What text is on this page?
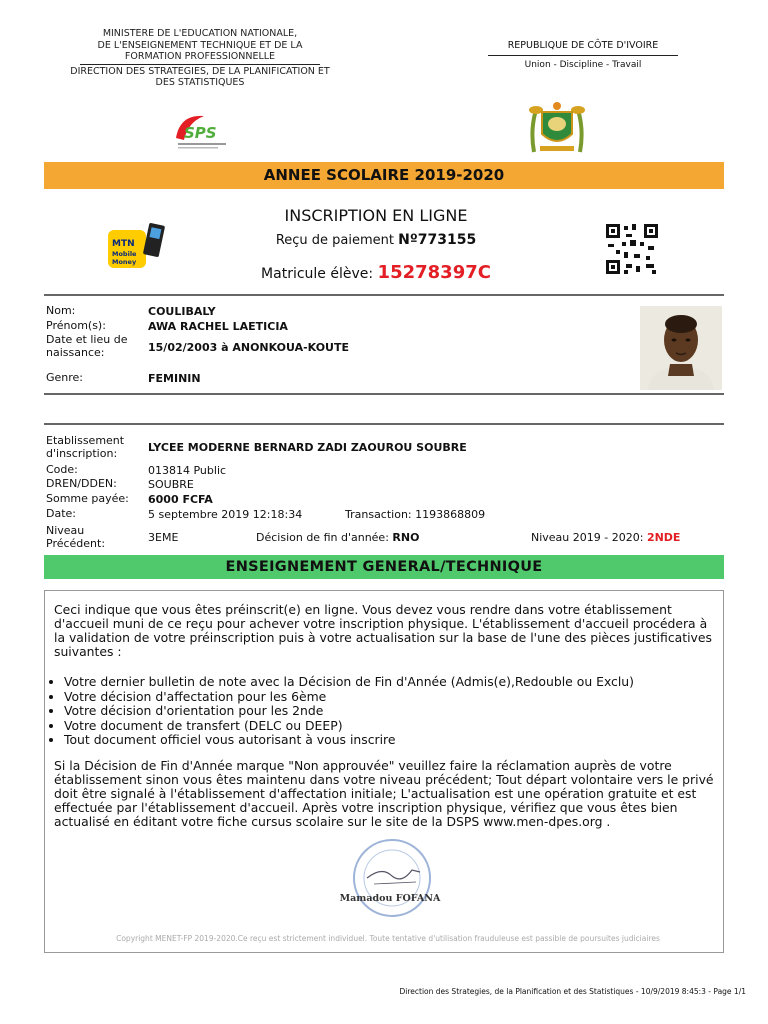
MINISTERE DE L'EDUCATION NATIONALE,
DE L'ENSEIGNEMENT TECHNIQUE ET DE LA
FORMATION PROFESSIONNELLE
DIRECTION DES STRATEGIES, DE LA PLANIFICATION ET
DES STATISTIQUES
SPS
REPUBLIQUE DE CÔTE D'IVOIRE
Union - Discipline - Travail
ANNEE SCOLAIRE 2019-2020
MTN
Mobile
Money
INSCRIPTION EN LIGNE
Reçu de paiement Nº773155
Matricule élève: 15278397C
Nom:	COULIBALY
Prénom(s):	AWA RACHEL LAETICIA
Date et lieu de
naissance:	15/02/2003 à ANONKOUA-KOUTE
Genre:	FEMININ
Etablissement
d'inscription:	LYCEE MODERNE BERNARD ZADI ZAOUROU SOUBRE
Code:	013814 Public
DREN/DDEN:	SOUBRE
Somme payée: 6000 FCFA
Date:	5 septembre 2019 12:18:34	Transaction: 1193868809
Niveau
Précédent:	3EME	Décision de fin d'année: RNO	Niveau 2019 - 2020: 2NDE
ENSEIGNEMENT GENERAL/TECHNIQUE
Ceci indique que vous êtes préinscrit(e) en ligne. Vous devez vous rendre dans votre établissement d'accueil muni de ce reçu pour achever votre inscription physique. L'établissement d'accueil procédera à la validation de votre préinscription puis à votre actualisation sur la base de l'une des pièces justificatives suivantes :
• Votre dernier bulletin de note avec la Décision de Fin d'Année (Admis(e),Redouble ou Exclu)
• Votre décision d'affectation pour les 6ème
• Votre décision d'orientation pour les 2nde
• Votre document de transfert (DELC ou DEEP)
• Tout document officiel vous autorisant à vous inscrire
Si la Décision de Fin d'Année marque "Non approuvée" veuillez faire la réclamation auprès de votre établissement sinon vous êtes maintenu dans votre niveau précédent; Tout départ volontaire vers le privé doit être signalé à l'établissement d'affectation initiale; L'actualisation est une opération gratuite et est effectuée par l'établissement d'accueil. Après votre inscription physique, vérifiez que vous êtes bien actualisé en éditant votre fiche cursus scolaire sur le site de la DSPS www.men-dpes.org .
Mamadou FOFANA
Copyright MENET-FP 2019-2020.Ce reçu est strictement individuel. Toute tentative d'utilisation frauduleuse est passible de poursuites judiciaires
Direction des Strategies, de la Planification et des Statistiques - 10/9/2019 8:45:3 - Page 1/1
